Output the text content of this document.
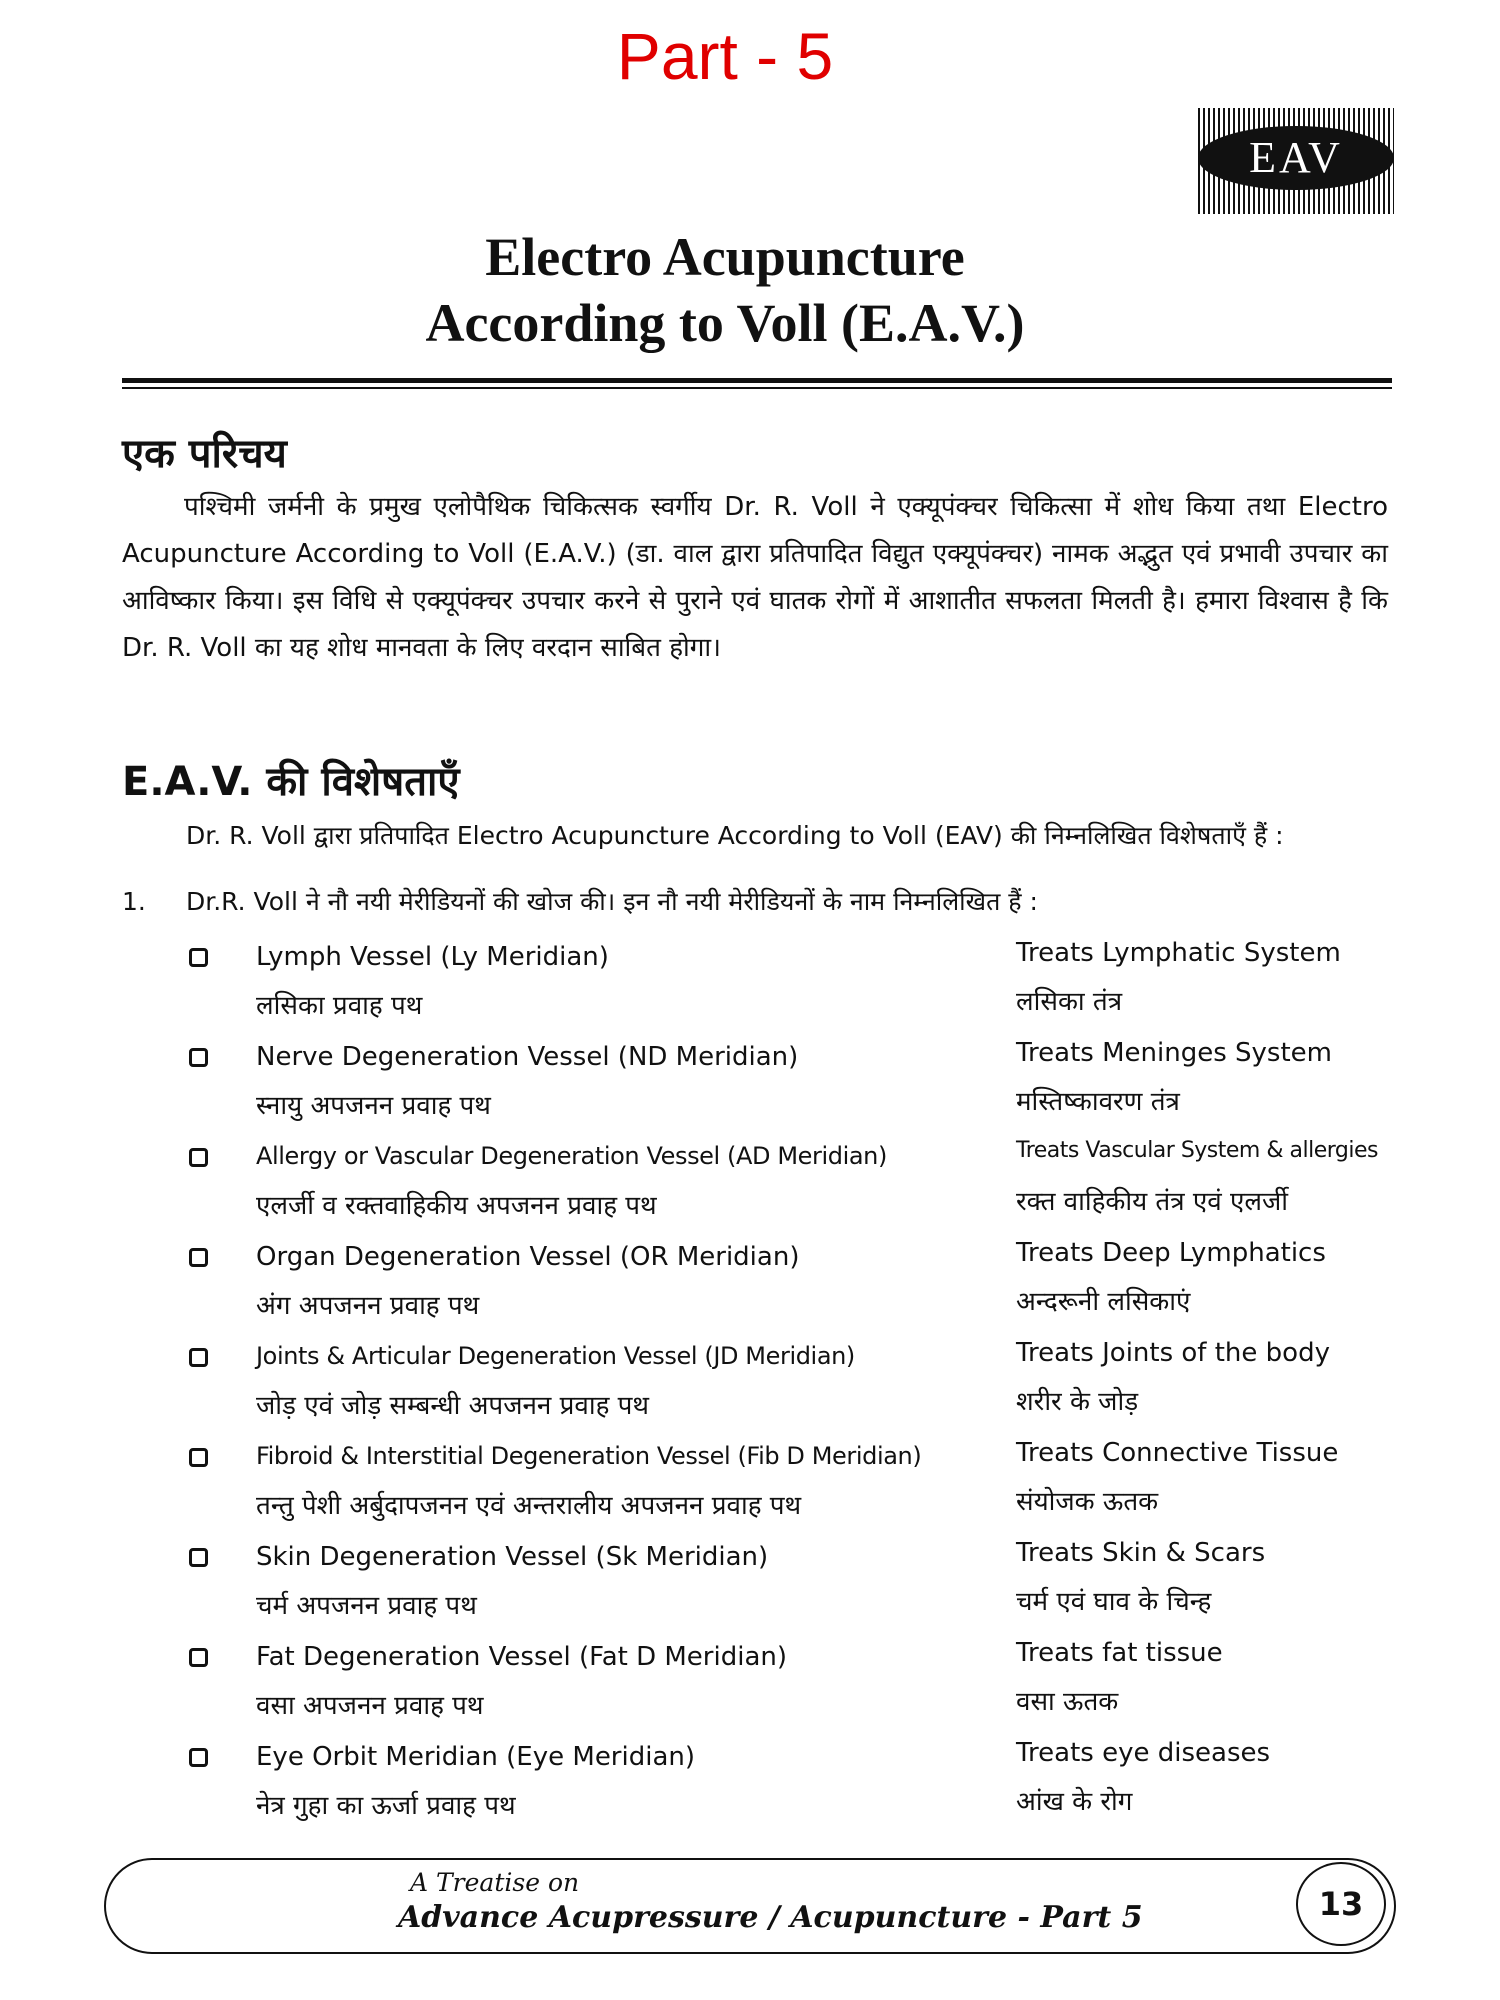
Part - 5
EAV
Electro Acupuncture
According to Voll (E.A.V.)
एक परिचय

पश्चिमी जर्मनी के प्रमुख एलोपैथिक चिकित्सक स्वर्गीय Dr. R. Voll ने एक्यूपंक्चर चिकित्सा में शोध किया तथा Electro Acupuncture According to Voll (E.A.V.) (डा. वाल द्वारा प्रतिपादित विद्युत एक्यूपंक्चर) नामक अद्भुत एवं प्रभावी उपचार का आविष्कार किया। इस विधि से एक्यूपंक्चर उपचार करने से पुराने एवं घातक रोगों में आशातीत सफलता मिलती है। हमारा विश्वास है कि Dr. R. Voll का यह शोध मानवता के लिए वरदान साबित होगा।

E.A.V. की विशेषताएँ

Dr. R. Voll द्वारा प्रतिपादित Electro Acupuncture According to Voll (EAV) की निम्नलिखित विशेषताएँ हैं :

1. Dr.R. Voll ने नौ नयी मेरीडियनों की खोज की। इन नौ नयी मेरीडियनों के नाम निम्नलिखित हैं :
Lymph Vessel (Ly Meridian)
लसिका प्रवाह पथ
Treats Lymphatic System
लसिका तंत्र
Nerve Degeneration Vessel (ND Meridian)
स्नायु अपजनन प्रवाह पथ
Treats Meninges System
मस्तिष्कावरण तंत्र
Allergy or Vascular Degeneration Vessel (AD Meridian)
एलर्जी व रक्तवाहिकीय अपजनन प्रवाह पथ
Treats Vascular System & allergies
रक्त वाहिकीय तंत्र एवं एलर्जी
Organ Degeneration Vessel (OR Meridian)
अंग अपजनन प्रवाह पथ
Treats Deep Lymphatics
अन्दरूनी लसिकाएं
Joints & Articular Degeneration Vessel (JD Meridian)
जोड़ एवं जोड़ सम्बन्धी अपजनन प्रवाह पथ
Treats Joints of the body
शरीर के जोड़
Fibroid & Interstitial Degeneration Vessel (Fib D Meridian)
तन्तु पेशी अर्बुदापजनन एवं अन्तरालीय अपजनन प्रवाह पथ
Treats Connective Tissue
संयोजक ऊतक
Skin Degeneration Vessel (Sk Meridian)
चर्म अपजनन प्रवाह पथ
Treats Skin & Scars
चर्म एवं घाव के चिन्ह
Fat Degeneration Vessel (Fat D Meridian)
वसा अपजनन प्रवाह पथ
Treats fat tissue
वसा ऊतक
Eye Orbit Meridian (Eye Meridian)
नेत्र गुहा का ऊर्जा प्रवाह पथ
Treats eye diseases
आंख के रोग
A Treatise on
Advance Acupressure / Acupuncture - Part 5	13
